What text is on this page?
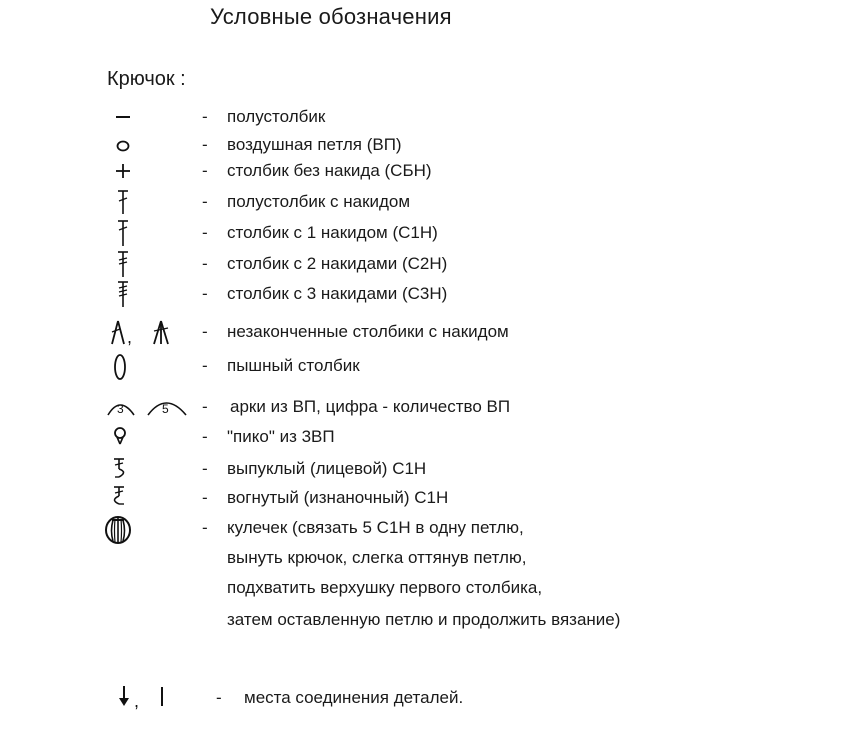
Условные обозначения
Крючок :
- полустолбик
- воздушная петля (ВП)
- столбик без накида (СБН)
- полустолбик с накидом
- столбик с 1 накидом (С1Н)
- столбик с 2 накидами (С2Н)
- столбик с 3 накидами (С3Н)
,	- незаконченные столбики с накидом
- пышный столбик
3	5 - арки из ВП, цифра - количество ВП
- "пико" из 3ВП
- выпуклый (лицевой) С1Н
- вогнутый (изнаночный) С1Н
- кулечек (связать 5 С1Н в одну петлю,
вынуть крючок, слегка оттянув петлю,
подхватить верхушку первого столбика,
затем оставленную петлю и продолжить вязание)
,	- места соединения деталей.
